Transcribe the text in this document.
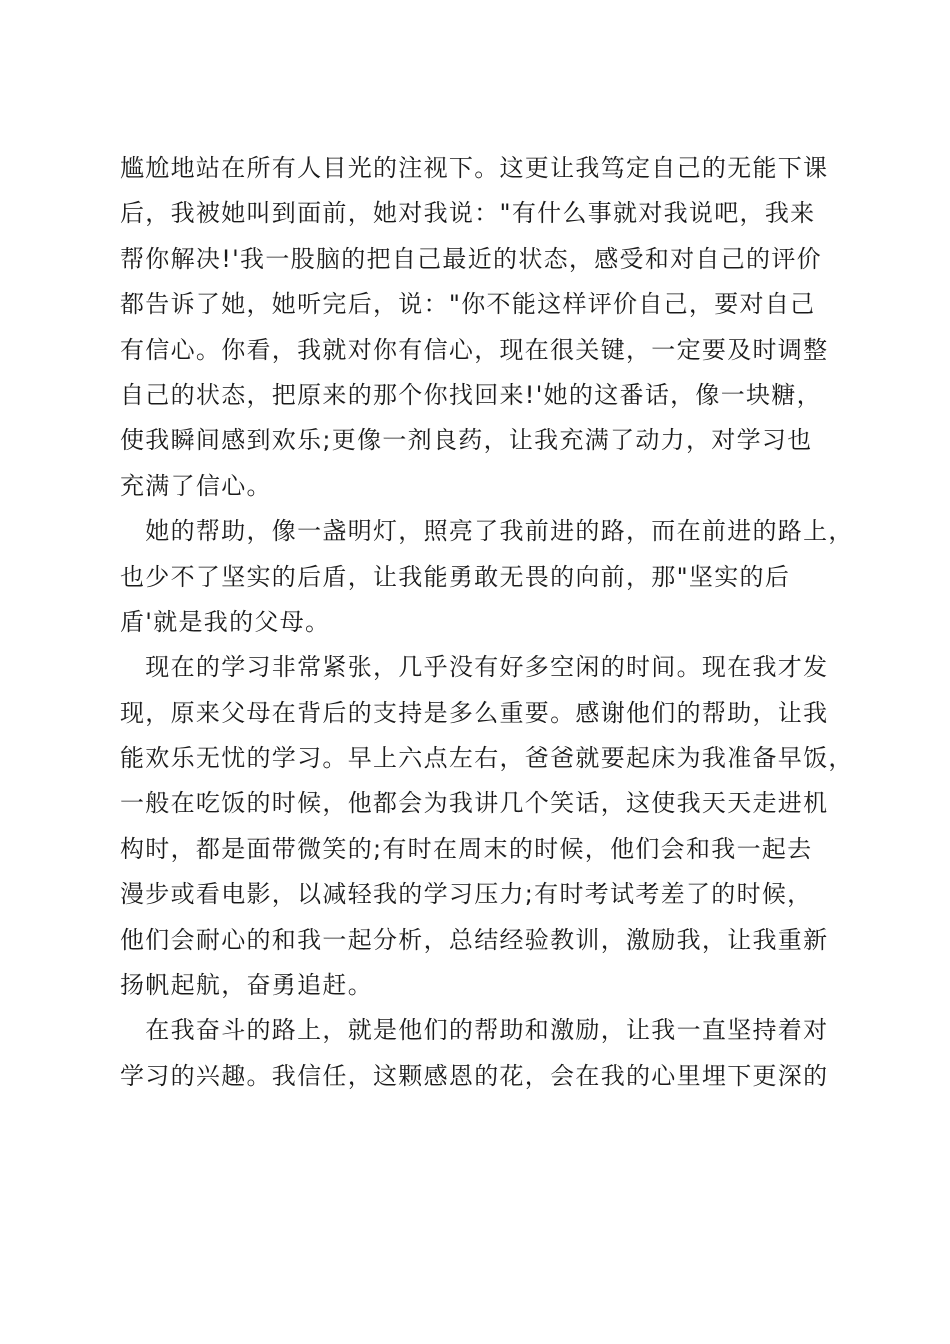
尴尬地站在所有人目光的注视下。这更让我笃定自己的无能下课
后，我被她叫到面前，她对我说："有什么事就对我说吧，我来
帮你解决!'我一股脑的把自己最近的状态，感受和对自己的评价
都告诉了她，她听完后，说："你不能这样评价自己，要对自己
有信心。你看，我就对你有信心，现在很关键，一定要及时调整
自己的状态，把原来的那个你找回来!'她的这番话，像一块糖，
使我瞬间感到欢乐;更像一剂良药，让我充满了动力，对学习也
充满了信心。
　她的帮助，像一盏明灯，照亮了我前进的路，而在前进的路上，
也少不了坚实的后盾，让我能勇敢无畏的向前，那"坚实的后
盾'就是我的父母。
　现在的学习非常紧张，几乎没有好多空闲的时间。现在我才发
现，原来父母在背后的支持是多么重要。感谢他们的帮助，让我
能欢乐无忧的学习。早上六点左右，爸爸就要起床为我准备早饭，
一般在吃饭的时候，他都会为我讲几个笑话，这使我天天走进机
构时，都是面带微笑的;有时在周末的时候，他们会和我一起去
漫步或看电影，以减轻我的学习压力;有时考试考差了的时候，
他们会耐心的和我一起分析，总结经验教训，激励我，让我重新
扬帆起航，奋勇追赶。
　在我奋斗的路上，就是他们的帮助和激励，让我一直坚持着对
学习的兴趣。我信任，这颗感恩的花，会在我的心里埋下更深的
